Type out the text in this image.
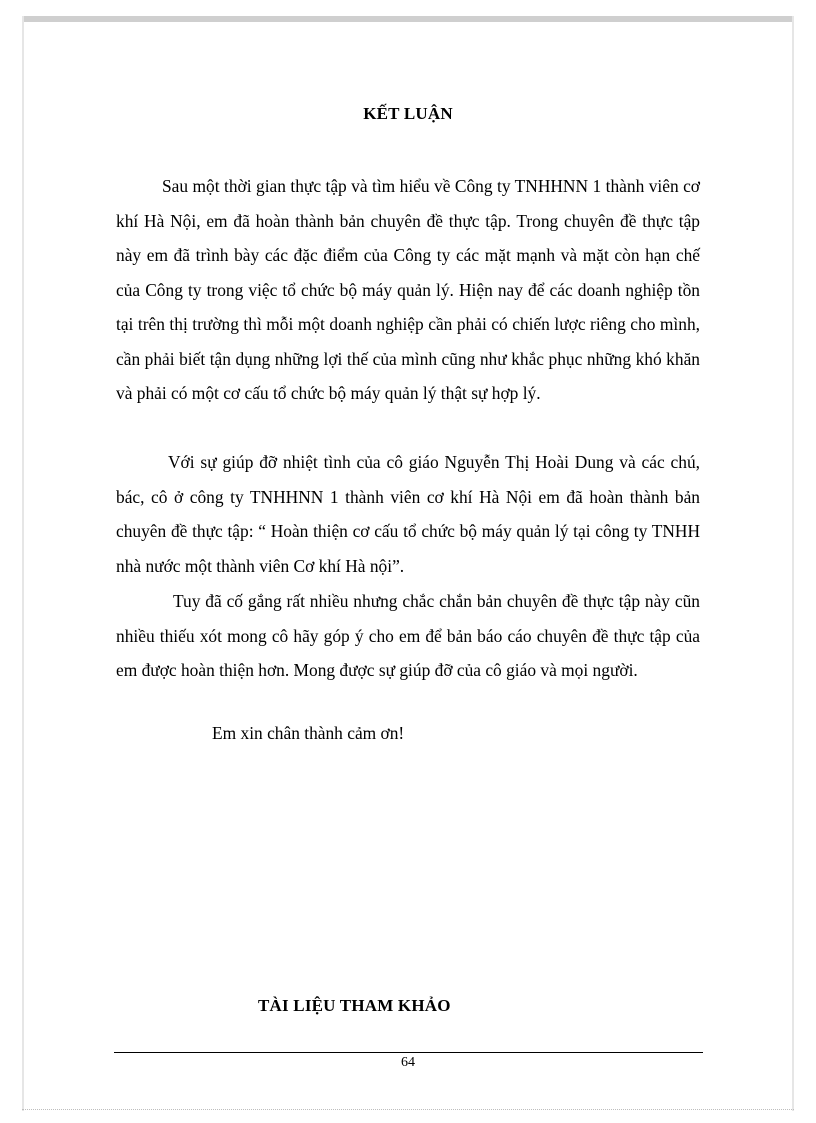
KẾT LUẬN

Sau một thời gian thực tập và tìm hiểu về Công ty TNHHNN 1 thành viên cơ khí Hà Nội, em đã hoàn thành bản chuyên đề thực tập. Trong chuyên đề thực tập này em đã trình bày các đặc điểm của Công ty các mặt mạnh và mặt còn hạn chế của Công ty trong việc tổ chức bộ máy quản lý. Hiện nay để các doanh nghiệp tồn tại trên thị trường thì mỗi một doanh nghiệp cần phải có chiến lược riêng cho mình, cần phải biết tận dụng những lợi thế của mình cũng như khắc phục những khó khăn và phải có một cơ cấu tổ chức bộ máy quản lý thật sự hợp lý.

Với sự giúp đỡ nhiệt tình của cô giáo Nguyễn Thị Hoài Dung và các chú, bác, cô ở công ty TNHHNN 1 thành viên cơ khí Hà Nội em đã hoàn thành bản chuyên đề thực tập: “ Hoàn thiện cơ cấu tổ chức bộ máy quản lý tại công ty TNHH nhà nước một thành viên Cơ khí Hà nội”.

Tuy đã cố gắng rất nhiều nhưng chắc chắn bản chuyên đề thực tập này cũn nhiều thiếu xót mong cô hãy góp ý cho em để bản báo cáo chuyên đề thực tập của em được hoàn thiện hơn. Mong được sự giúp đỡ của cô giáo và mọi người.

Em xin chân thành cảm ơn!
TÀI LIỆU THAM KHẢO
64
